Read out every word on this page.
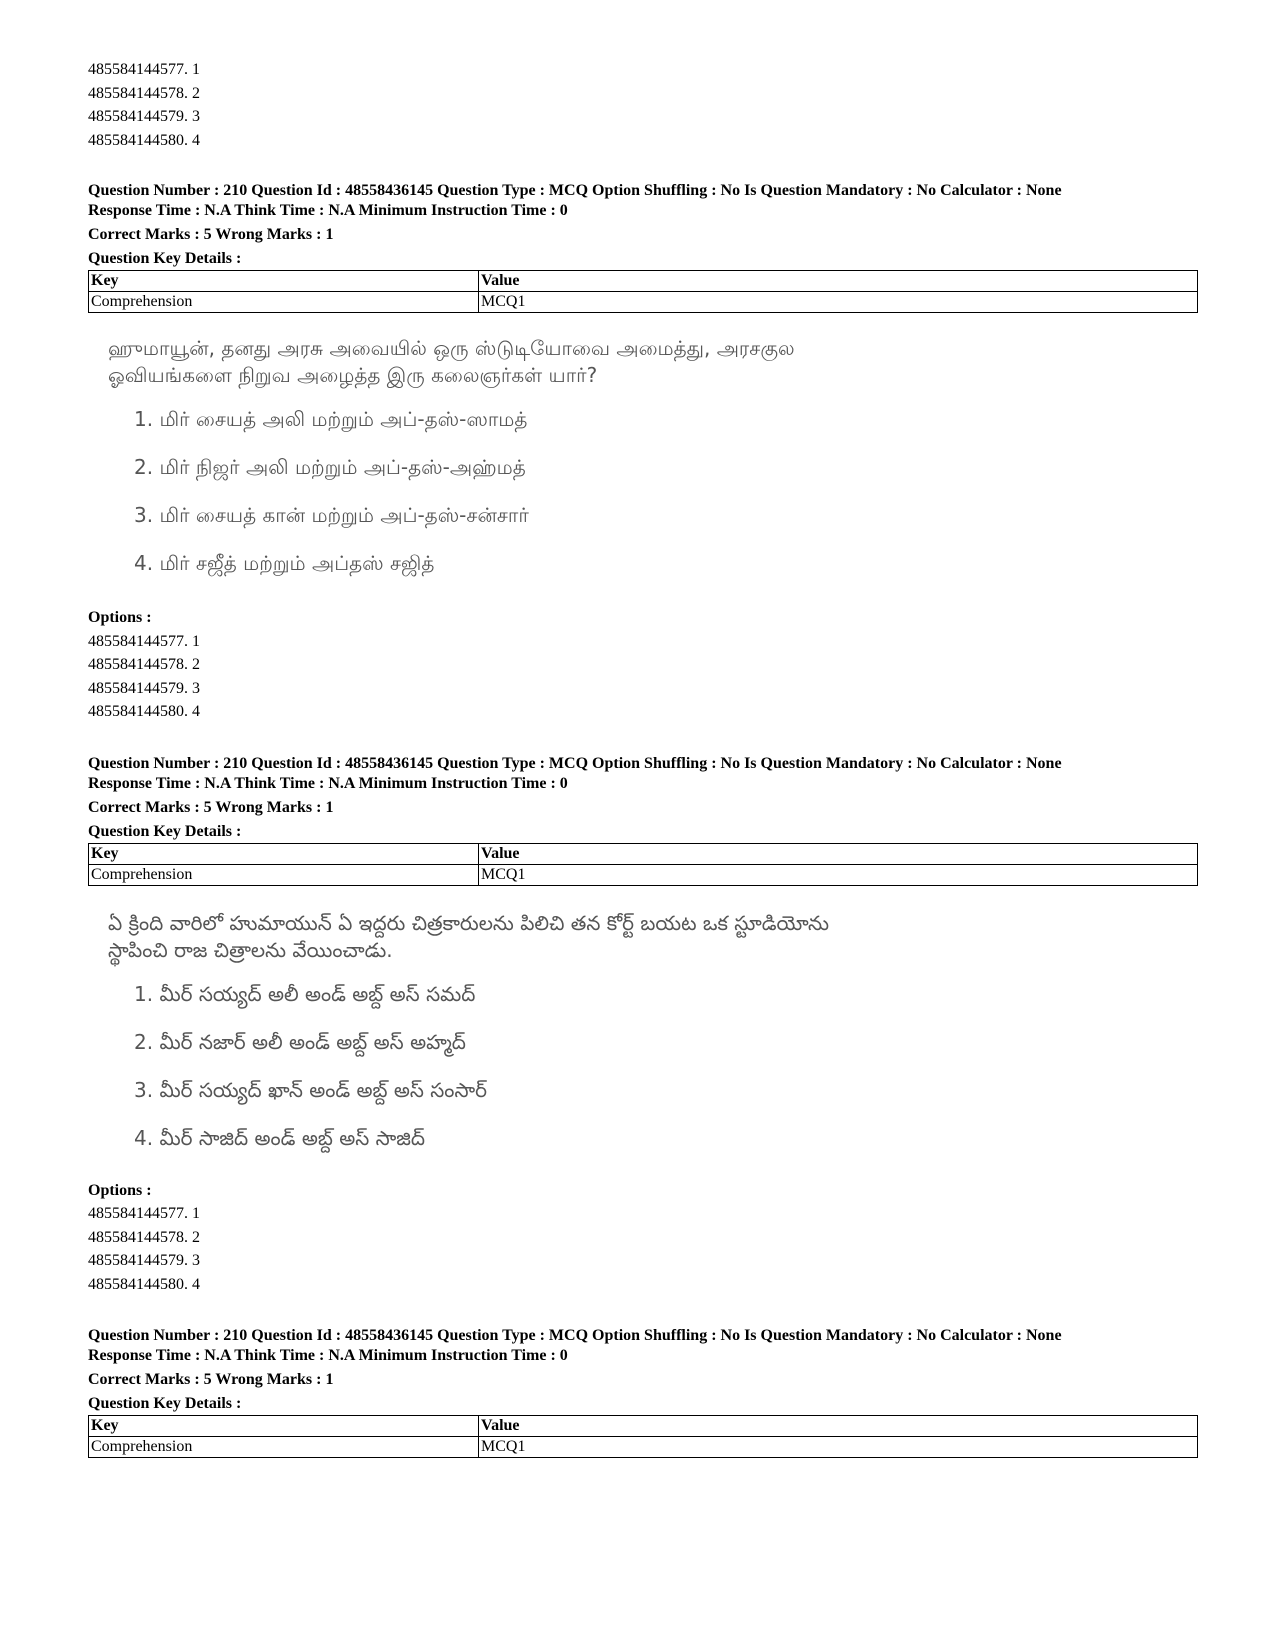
485584144577. 1
485584144578. 2
485584144579. 3
485584144580. 4
Question Number : 210 Question Id : 48558436145 Question Type : MCQ Option Shuffling : No Is Question Mandatory : No Calculator : None
Response Time : N.A Think Time : N.A Minimum Instruction Time : 0
Correct Marks : 5 Wrong Marks : 1
Question Key Details :
Key	Value
Comprehension	MCQ1
ஹுமாயூன், தனது அரசு அவையில் ஒரு ஸ்டுடியோவை அமைத்து, அரசகுல
ஓவியங்களை நிறுவ அழைத்த இரு கலைஞர்கள் யார்?
1. மிர் சையத் அலி மற்றும் அப்-தஸ்-ஸாமத்
2. மிர் நிஜர் அலி மற்றும் அப்-தஸ்-அஹ்மத்
3. மிர் சையத் கான் மற்றும் அப்-தஸ்-சன்சார்
4. மிர் சஜீத் மற்றும் அப்தஸ் சஜித்
Options :
485584144577. 1
485584144578. 2
485584144579. 3
485584144580. 4
Question Number : 210 Question Id : 48558436145 Question Type : MCQ Option Shuffling : No Is Question Mandatory : No Calculator : None
Response Time : N.A Think Time : N.A Minimum Instruction Time : 0
Correct Marks : 5 Wrong Marks : 1
Question Key Details :
Key	Value
Comprehension	MCQ1
ఏ క్రింది వారిలో హుమాయున్ ఏ ఇద్దరు చిత్రకారులను పిలిచి తన కోర్ట్ బయట ఒక స్టూడియోను
స్థాపించి రాజ చిత్రాలను వేయించాడు.
1. మీర్ సయ్యద్ అలీ అండ్ అబ్ద్ అస్ సమద్
2. మీర్ నజార్ అలీ అండ్ అబ్ద్ అస్ అహ్మద్
3. మీర్ సయ్యద్ ఖాన్ అండ్ అబ్ద్ అస్ సంసార్
4. మీర్ సాజిద్ అండ్ అబ్ద్ అస్ సాజిద్
Options :
485584144577. 1
485584144578. 2
485584144579. 3
485584144580. 4
Question Number : 210 Question Id : 48558436145 Question Type : MCQ Option Shuffling : No Is Question Mandatory : No Calculator : None
Response Time : N.A Think Time : N.A Minimum Instruction Time : 0
Correct Marks : 5 Wrong Marks : 1
Question Key Details :
Key	Value
Comprehension	MCQ1
